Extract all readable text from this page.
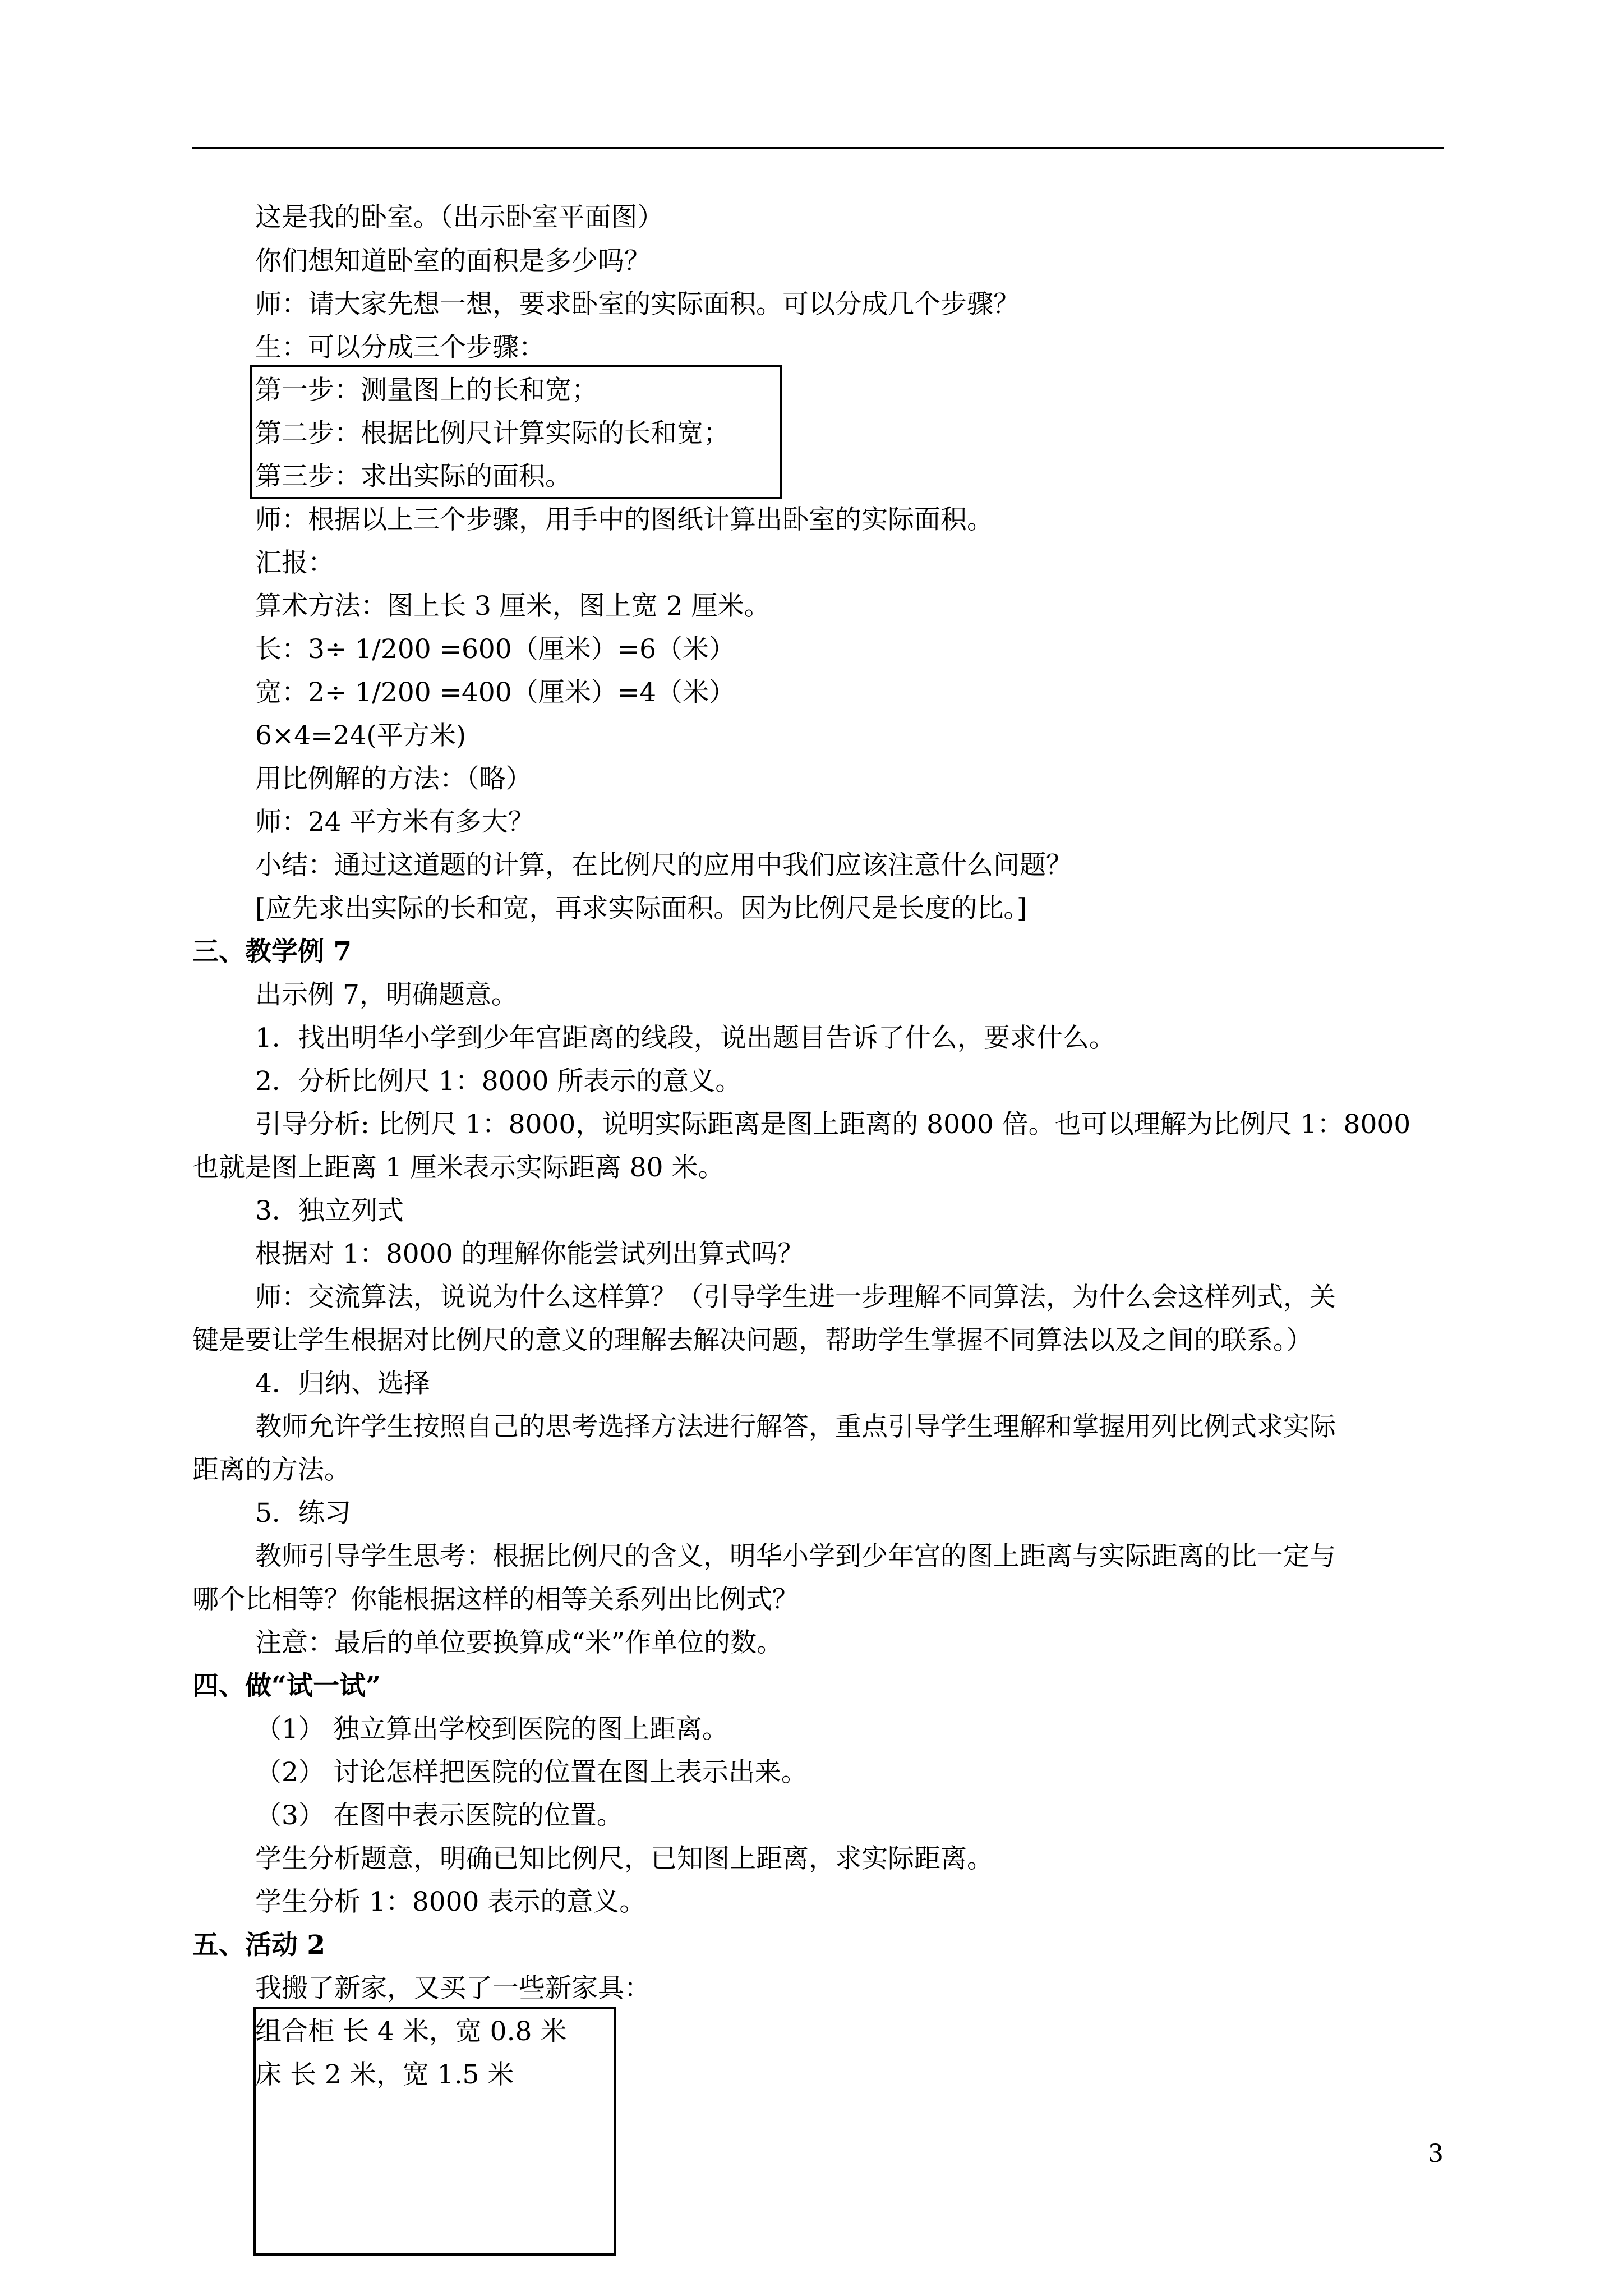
这是我的卧室。（出示卧室平面图）
你们想知道卧室的面积是多少吗？
师：请大家先想一想，要求卧室的实际面积。可以分成几个步骤？
生：可以分成三个步骤：
第一步：测量图上的长和宽；
第二步：根据比例尺计算实际的长和宽；
第三步：求出实际的面积。
师：根据以上三个步骤，用手中的图纸计算出卧室的实际面积。
汇报：
算术方法：图上长 3 厘米，图上宽 2 厘米。
长：3÷ 1/200 =600（厘米）=6（米）
宽：2÷ 1/200 =400（厘米）=4（米）
6×4=24(平方米)
用比例解的方法：（略）
师：24 平方米有多大？
小结：通过这道题的计算，在比例尺的应用中我们应该注意什么问题？
[应先求出实际的长和宽，再求实际面积。因为比例尺是长度的比。]
三、教学例 7
出示例 7，明确题意。
1．找出明华小学到少年宫距离的线段，说出题目告诉了什么，要求什么。
2．分析比例尺 1：8000 所表示的意义。
引导分析: 比例尺 1：8000，说明实际距离是图上距离的 8000 倍。也可以理解为比例尺 1：8000
也就是图上距离 1 厘米表示实际距离 80 米。
3．独立列式
根据对 1：8000 的理解你能尝试列出算式吗？
师：交流算法，说说为什么这样算？（引导学生进一步理解不同算法，为什么会这样列式，关
键是要让学生根据对比例尺的意义的理解去解决问题，帮助学生掌握不同算法以及之间的联系。）
4．归纳、选择
教师允许学生按照自己的思考选择方法进行解答，重点引导学生理解和掌握用列比例式求实际
距离的方法。
5．练习
教师引导学生思考：根据比例尺的含义，明华小学到少年宫的图上距离与实际距离的比一定与
哪个比相等？你能根据这样的相等关系列出比例式？
注意：最后的单位要换算成“米”作单位的数。
四、做“试一试”
（1） 独立算出学校到医院的图上距离。
（2） 讨论怎样把医院的位置在图上表示出来。
（3） 在图中表示医院的位置。
学生分析题意，明确已知比例尺，已知图上距离，求实际距离。
学生分析 1：8000 表示的意义。
五、活动 2
我搬了新家，又买了一些新家具：
组合柜 长 4 米，宽 0.8 米
床 长 2 米，宽 1.5 米
3
